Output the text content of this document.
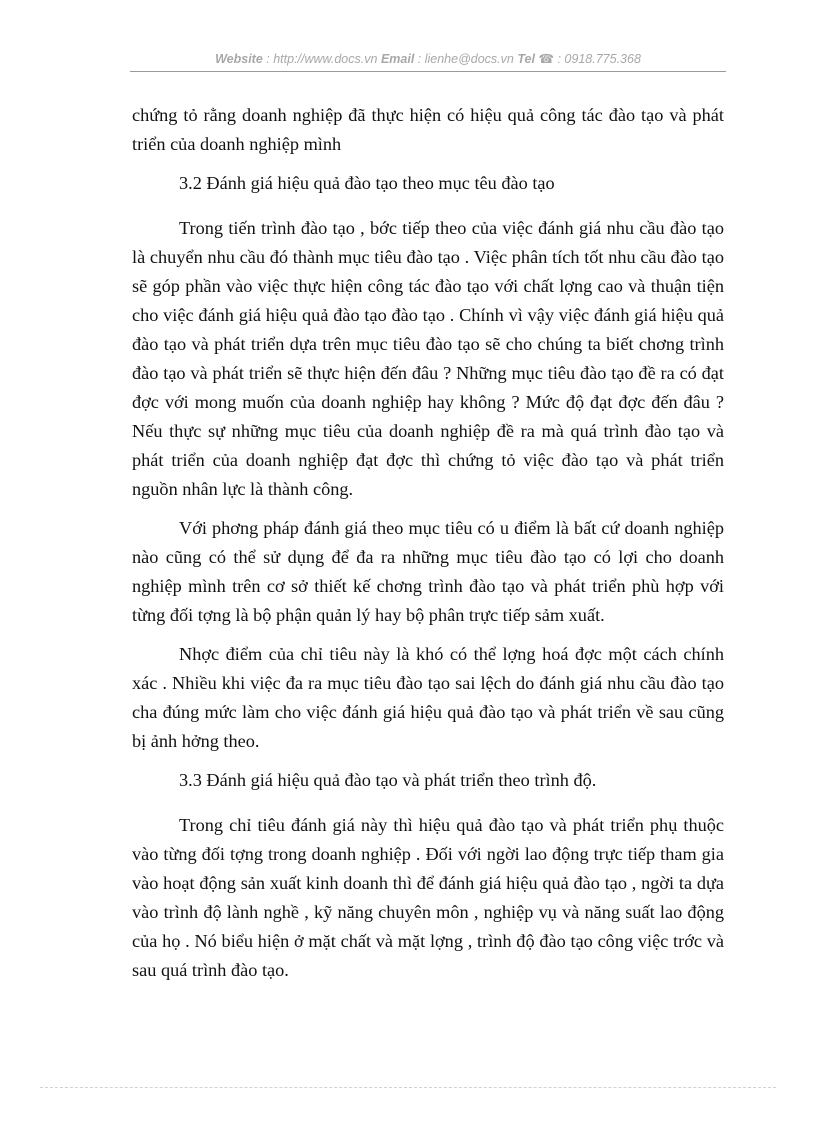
Website : http://www.docs.vn Email : lienhe@docs.vn Tel ☎ : 0918.775.368

chứng tỏ rằng doanh nghiệp đã thực hiện có hiệu quả công tác đào tạo và phát triển của doanh nghiệp mình

3.2 Đánh giá hiệu quả đào tạo theo mục têu đào tạo

Trong tiến trình đào tạo , bớc tiếp theo của việc đánh giá nhu cầu đào tạo là chuyển nhu cầu đó thành mục tiêu đào tạo . Việc phân tích tốt nhu cầu đào tạo sẽ góp phần vào việc thực hiện công tác đào tạo với chất lợng cao và thuận tiện cho việc đánh giá hiệu quả đào tạo đào tạo . Chính vì vậy việc đánh giá hiệu quả đào tạo và phát triển dựa trên mục tiêu đào tạo sẽ cho chúng ta biết chơng trình đào tạo và phát triển sẽ thực hiện đến đâu ? Những mục tiêu đào tạo đề ra có đạt đợc với mong muốn của doanh nghiệp hay không ? Mức độ đạt đợc đến đâu ? Nếu thực sự những mục tiêu của doanh nghiệp đề ra mà quá trình đào tạo và phát triển của doanh nghiệp đạt đợc thì chứng tỏ việc đào tạo và phát triển nguồn nhân lực là thành công.

Với phơng pháp đánh giá theo mục tiêu có u điểm là bất cứ doanh nghiệp nào cũng có thể sử dụng để đa ra những mục tiêu đào tạo có lợi cho doanh nghiệp mình trên cơ sở thiết kế chơng trình đào tạo và phát triển phù hợp với từng đối tợng là bộ phận quản lý hay bộ phân trực tiếp sảm xuất.

Nhợc điểm của chỉ tiêu này là khó có thể lợng hoá đợc một cách chính xác . Nhiều khi việc đa ra mục tiêu đào tạo sai lệch do đánh giá nhu cầu đào tạo cha đúng mức làm cho việc đánh giá hiệu quả đào tạo và phát triển về sau cũng bị ảnh hởng theo.

3.3 Đánh giá hiệu quả đào tạo và phát triển theo trình độ.

Trong chỉ tiêu đánh giá này thì hiệu quả đào tạo và phát triển phụ thuộc vào từng đối tợng trong doanh nghiệp . Đối với ngời lao động trực tiếp tham gia vào hoạt động sản xuất kinh doanh thì để đánh giá hiệu quả đào tạo , ngời ta dựa vào trình độ lành nghề , kỹ năng chuyên môn , nghiệp vụ và năng suất lao động của họ . Nó biểu hiện ở mặt chất và mặt lợng , trình độ đào tạo công việc trớc và sau quá trình đào tạo.
